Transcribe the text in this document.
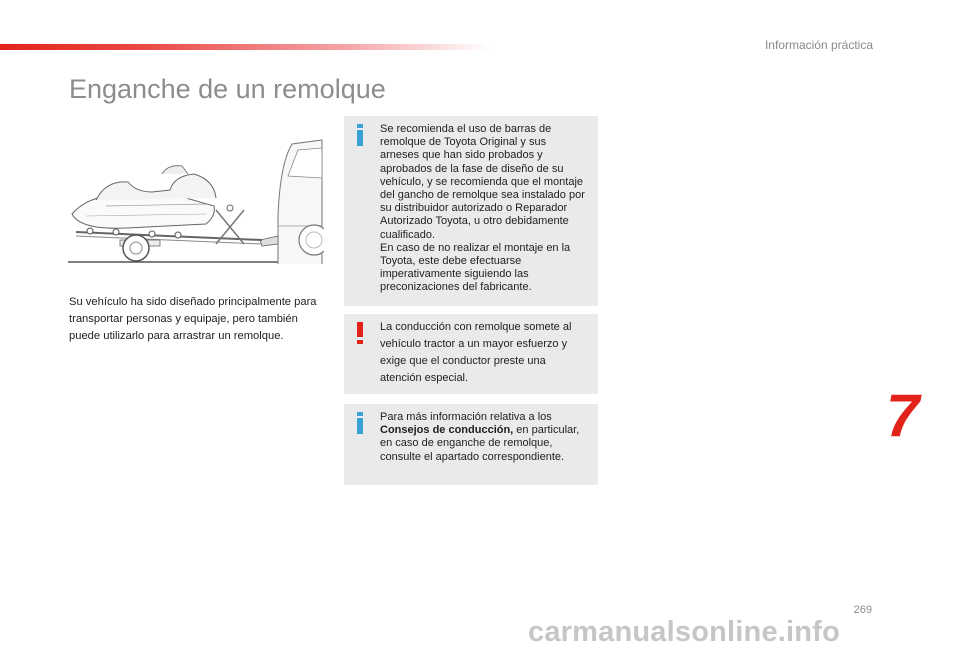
Información práctica
Enganche de un remolque
Su vehículo ha sido diseñado principalmente para transportar personas y equipaje, pero también puede utilizarlo para arrastrar un remolque.

Se recomienda el uso de barras de remolque de Toyota Original y sus arneses que han sido probados y aprobados de la fase de diseño de su vehículo, y se recomienda que el montaje del gancho de remolque sea instalado por su distribuidor autorizado o Reparador Autorizado Toyota, u otro debidamente cualificado.

En caso de no realizar el montaje en la Toyota, este debe efectuarse imperativamente siguiendo las preconizaciones del fabricante.

La conducción con remolque somete al vehículo tractor a un mayor esfuerzo y exige que el conductor preste una atención especial.

Para más información relativa a los Consejos de conducción, en particular, en caso de enganche de remolque, consulte el apartado correspondiente.

7
269
carmanualsonline.info
